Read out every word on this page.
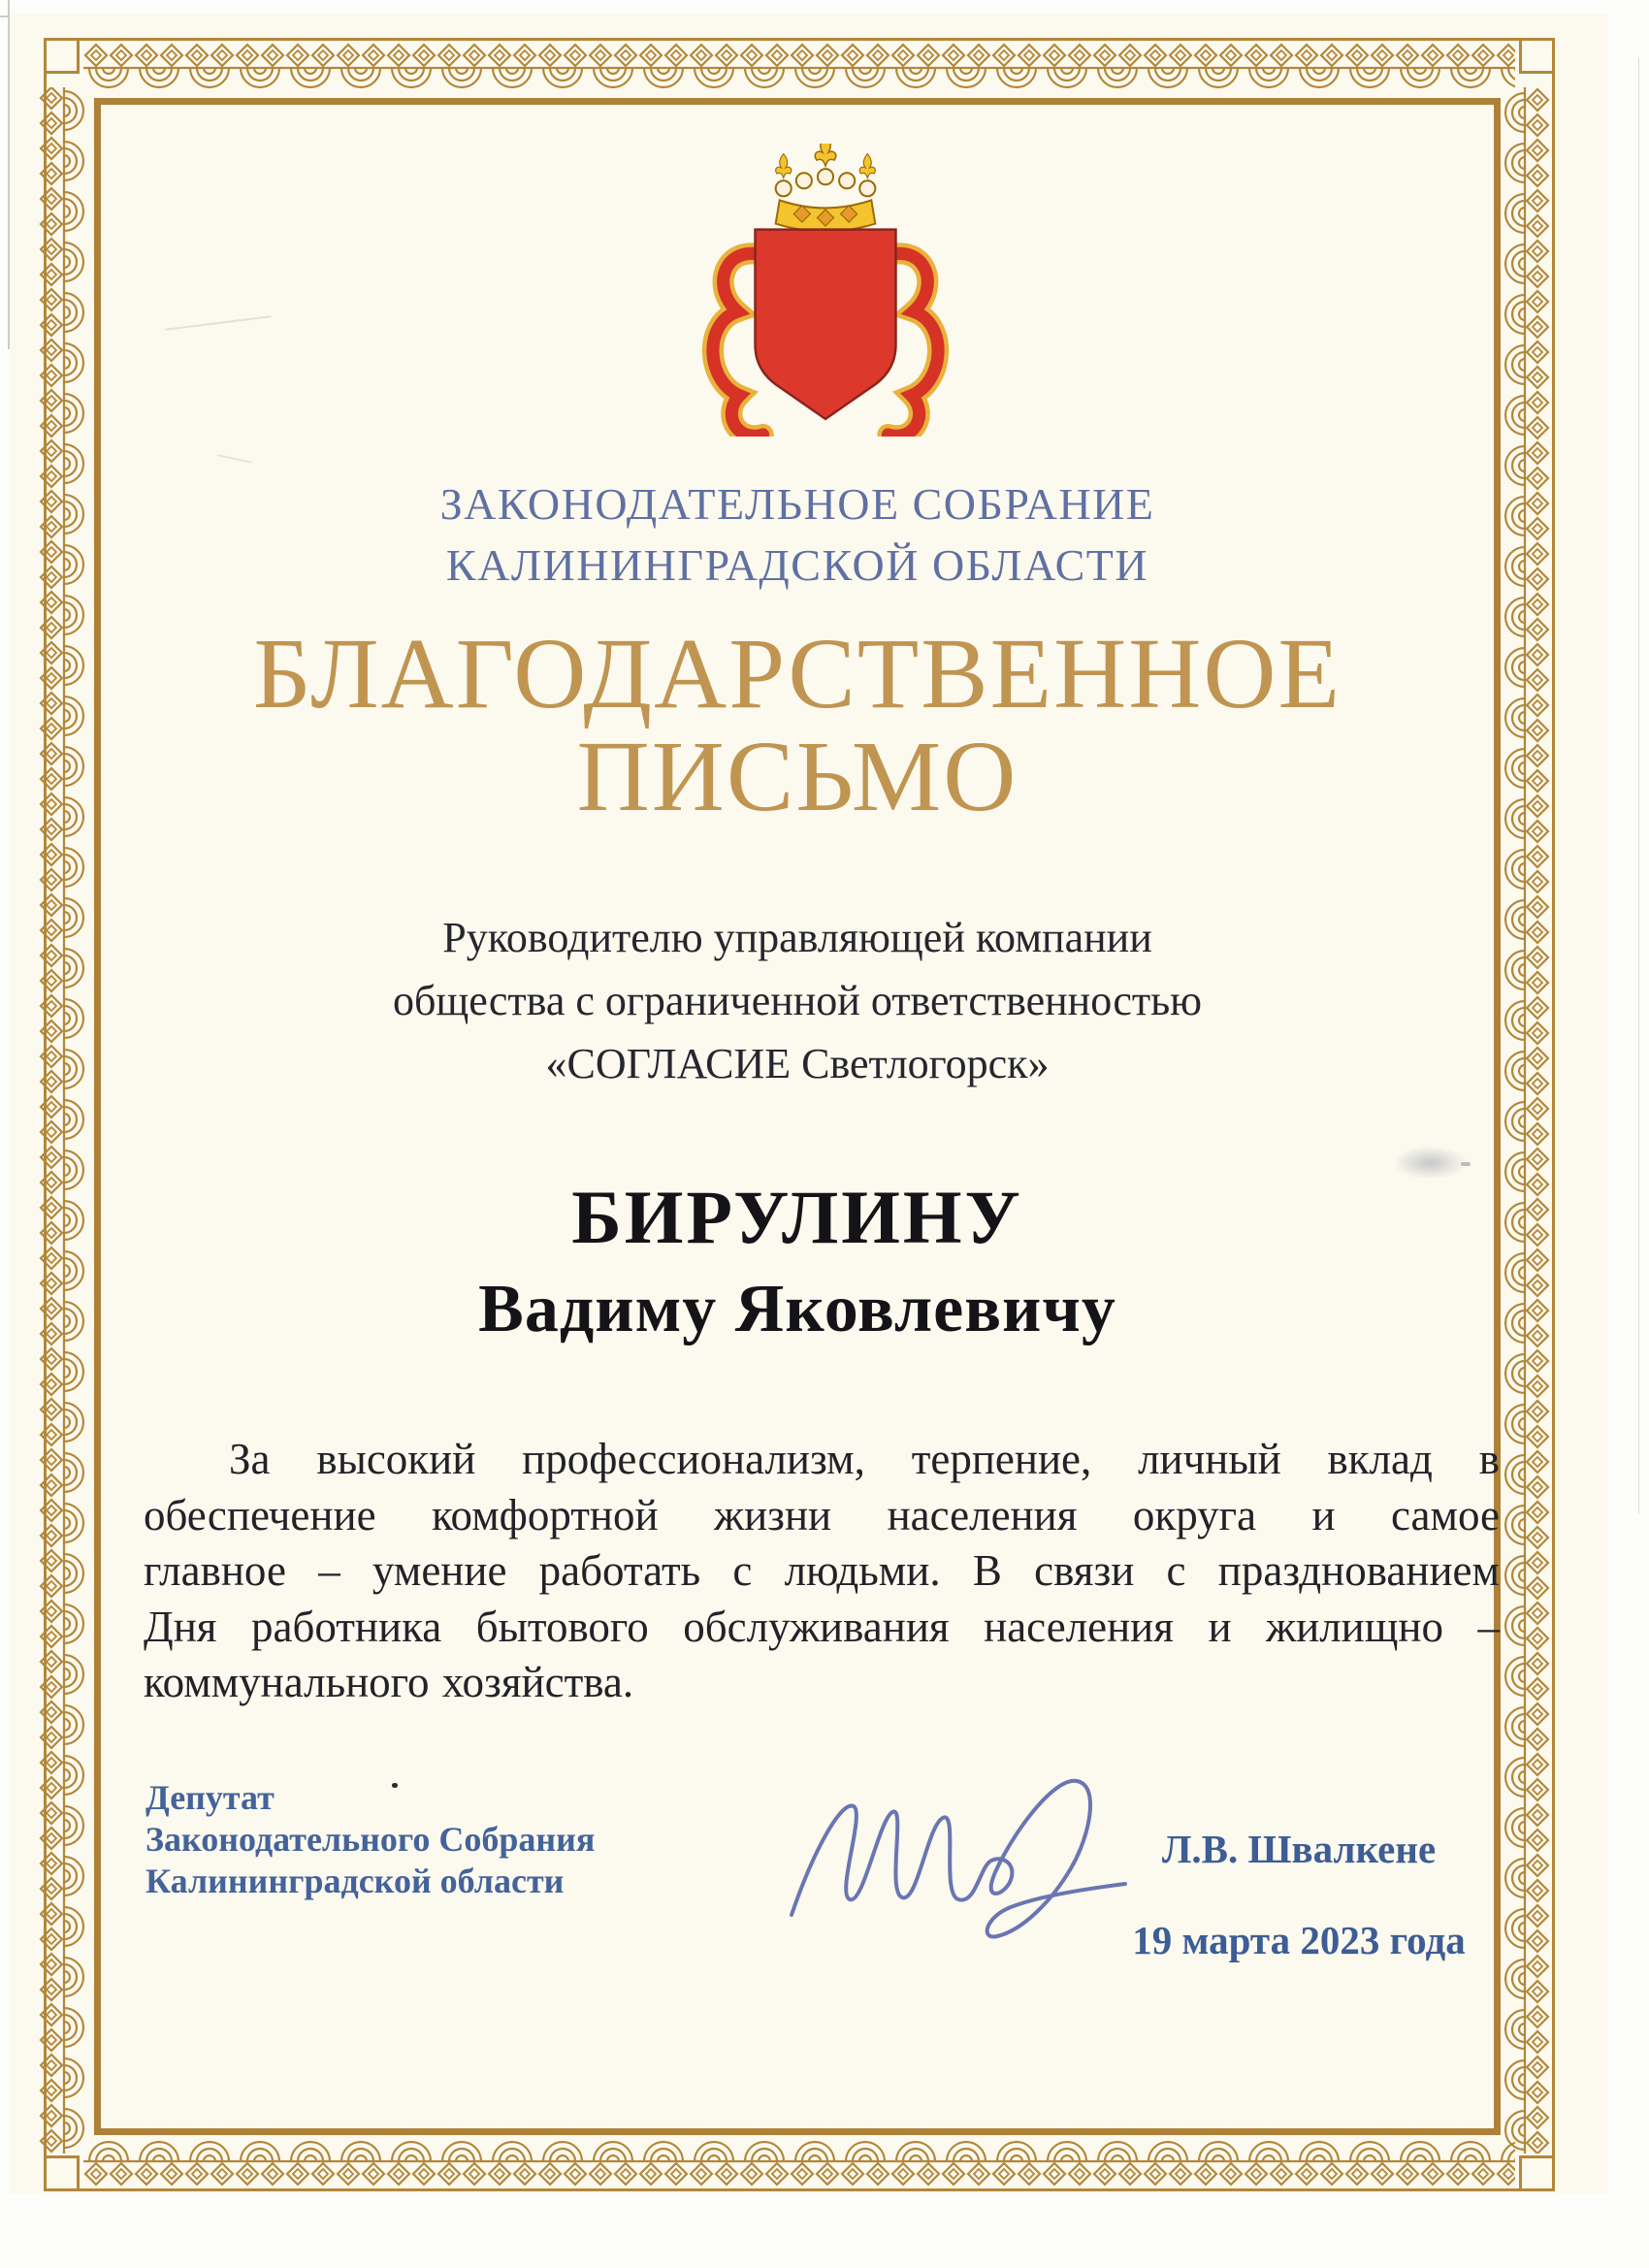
Ѕ
ЗАКОНОДАТЕЛЬНОЕ СОБРАНИЕ
КАЛИНИНГРАДСКОЙ ОБЛАСТИ
БЛАГОДАРСТВЕННОЕ
ПИСЬМО
Руководителю управляющей компании
общества с ограниченной ответственностью
«СОГЛАСИЕ Светлогорск»
БИРУЛИНУ
Вадиму Яковлевичу
За высокий профессионализм, терпение, личный вклад в
обеспечение комфортной жизни населения округа и самое
главное – умение работать с людьми. В связи с празднованием
Дня работника бытового обслуживания населения и жилищно –
коммунального хозяйства.
Депутат
Законодательного Собрания
Калининградской области
Л.В. Швалкене
19 марта 2023 года
